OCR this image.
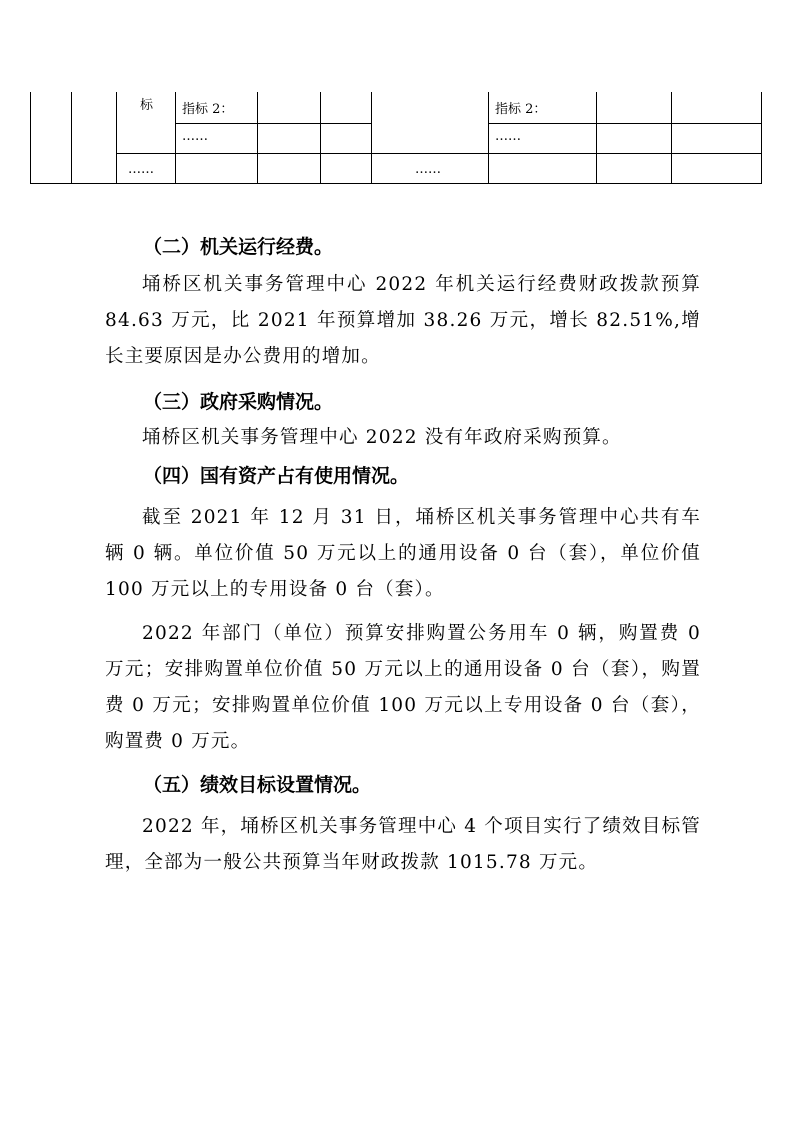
标 指标 2：
……
……	……
指标 2：
……
（二）机关运行经费。

埇桥区机关事务管理中心 2022 年机关运行经费财政拨款预算 84.63 万元，比 2021 年预算增加 38.26 万元，增长 82.51%,增长主要原因是办公费用的增加。

（三）政府采购情况。

埇桥区机关事务管理中心 2022 没有年政府采购预算。

（四）国有资产占有使用情况。

截至 2021 年 12 月 31 日，埇桥区机关事务管理中心共有车辆 0 辆。单位价值 50 万元以上的通用设备 0 台（套），单位价值 100 万元以上的专用设备 0 台（套）。

2022 年部门（单位）预算安排购置公务用车 0 辆，购置费 0 万元；安排购置单位价值 50 万元以上的通用设备 0 台（套），购置费 0 万元；安排购置单位价值 100 万元以上专用设备 0 台（套），购置费 0 万元。

（五）绩效目标设置情况。

2022 年，埇桥区机关事务管理中心 4 个项目实行了绩效目标管理，全部为一般公共预算当年财政拨款 1015.78 万元。
